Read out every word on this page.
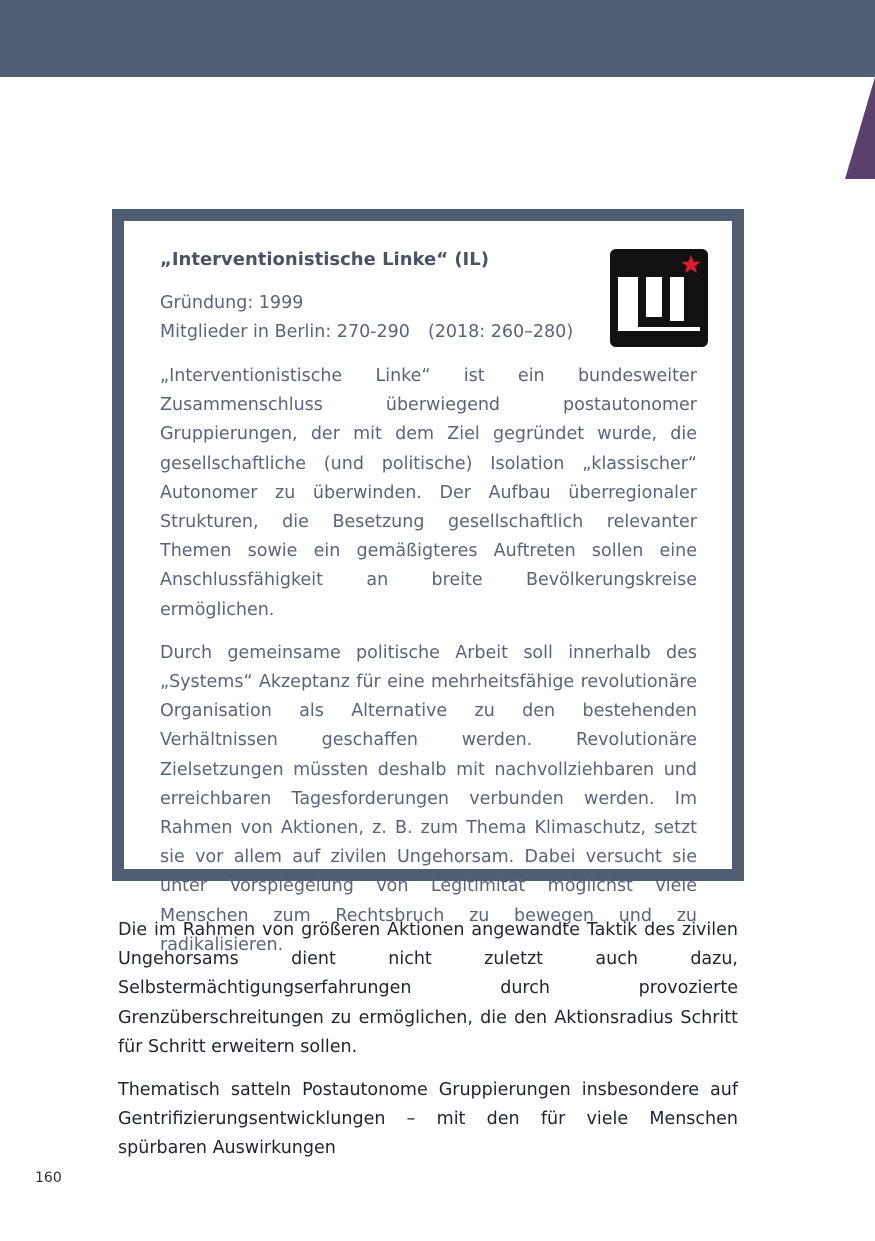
„Interventionistische Linke“ (IL)
Gründung: 1999
Mitglieder in Berlin: 270-290 (2018: 260–280)

„Interventionistische Linke“ ist ein bundesweiter Zusammenschluss überwiegend postautonomer Gruppierungen, der mit dem Ziel gegründet wurde, die gesellschaftliche (und politische) Isolation „klassischer“ Autonomer zu überwinden. Der Aufbau überregionaler Strukturen, die Besetzung gesellschaftlich relevanter Themen sowie ein gemäßigteres Auftreten sollen eine Anschlussfähigkeit an breite Bevölkerungskreise ermöglichen.

Durch gemeinsame politische Arbeit soll innerhalb des „Systems“ Akzeptanz für eine mehrheitsfähige revolutionäre Organisation als Alternative zu den bestehenden Verhältnissen geschaffen werden. Revolutionäre Zielsetzungen müssten deshalb mit nachvollziehbaren und erreichbaren Tagesforderungen verbunden werden. Im Rahmen von Aktionen, z. B. zum Thema Klimaschutz, setzt sie vor allem auf zivilen Ungehorsam. Dabei versucht sie unter Vorspiegelung von Legitimität möglichst viele Menschen zum Rechtsbruch zu bewegen und zu radikalisieren.

Die im Rahmen von größeren Aktionen angewandte Taktik des zivilen Ungehorsams dient nicht zuletzt auch dazu, Selbstermächtigungserfahrungen durch provozierte Grenzüberschreitungen zu ermöglichen, die den Aktionsradius Schritt für Schritt erweitern sollen.

Thematisch satteln Postautonome Gruppierungen insbesondere auf Gentrifizierungsentwicklungen – mit den für viele Menschen spürbaren Auswirkungen

160
